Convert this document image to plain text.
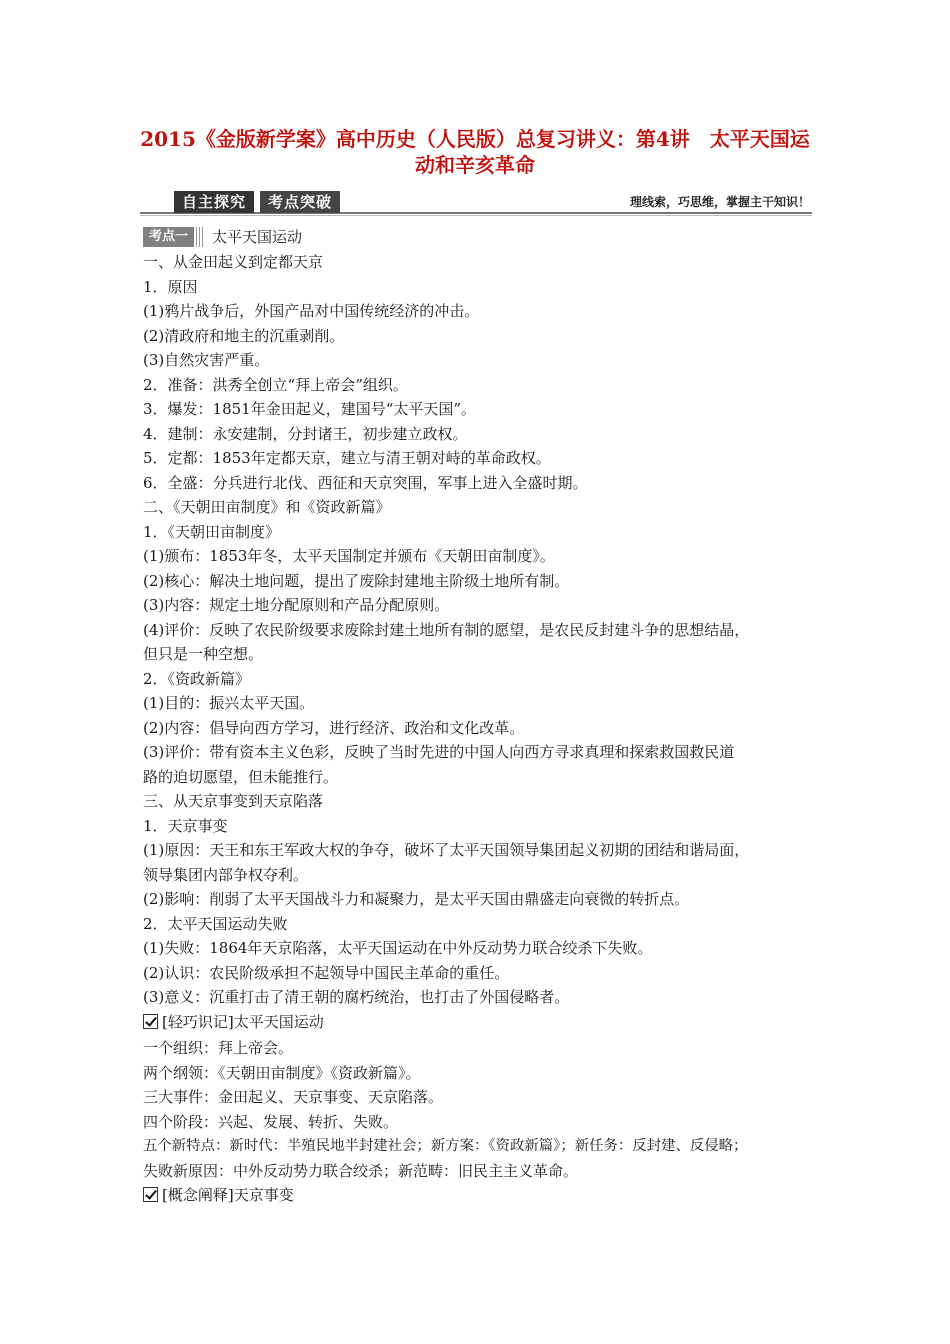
2015《金版新学案》高中历史（人民版）总复习讲义：第4讲　太平天国运动和辛亥革命
自主探究	考点突破	理线索，巧思维，掌握主干知识！
考点一	太平天国运动

一、从金田起义到定都天京

1．原因

(1)鸦片战争后，外国产品对中国传统经济的冲击。

(2)清政府和地主的沉重剥削。

(3)自然灾害严重。

2．准备：洪秀全创立“拜上帝会”组织。

3．爆发：1851年金田起义，建国号“太平天国”。

4．建制：永安建制，分封诸王，初步建立政权。

5．定都：1853年定都天京，建立与清王朝对峙的革命政权。

6．全盛：分兵进行北伐、西征和天京突围，军事上进入全盛时期。

二、《天朝田亩制度》和《资政新篇》

1．《天朝田亩制度》

(1)颁布：1853年冬，太平天国制定并颁布《天朝田亩制度》。

(2)核心：解决土地问题，提出了废除封建地主阶级土地所有制。

(3)内容：规定土地分配原则和产品分配原则。

(4)评价：反映了农民阶级要求废除封建土地所有制的愿望，是农民反封建斗争的思想结晶，

但只是一种空想。

2．《资政新篇》

(1)目的：振兴太平天国。

(2)内容：倡导向西方学习，进行经济、政治和文化改革。

(3)评价：带有资本主义色彩，反映了当时先进的中国人向西方寻求真理和探索救国救民道

路的迫切愿望，但未能推行。

三、从天京事变到天京陷落

1．天京事变

(1)原因：天王和东王军政大权的争夺，破坏了太平天国领导集团起义初期的团结和谐局面，

领导集团内部争权夺利。

(2)影响：削弱了太平天国战斗力和凝聚力，是太平天国由鼎盛走向衰微的转折点。

2．太平天国运动失败

(1)失败：1864年天京陷落，太平天国运动在中外反动势力联合绞杀下失败。

(2)认识：农民阶级承担不起领导中国民主革命的重任。

(3)意义：沉重打击了清王朝的腐朽统治，也打击了外国侵略者。

[轻巧识记]太平天国运动

一个组织：拜上帝会。

两个纲领：《天朝田亩制度》《资政新篇》。

三大事件：金田起义、天京事变、天京陷落。

四个阶段：兴起、发展、转折、失败。

五个新特点：新时代：半殖民地半封建社会；新方案：《资政新篇》；新任务：反封建、反侵略；

失败新原因：中外反动势力联合绞杀；新范畴：旧民主主义革命。

[概念阐释]天京事变
